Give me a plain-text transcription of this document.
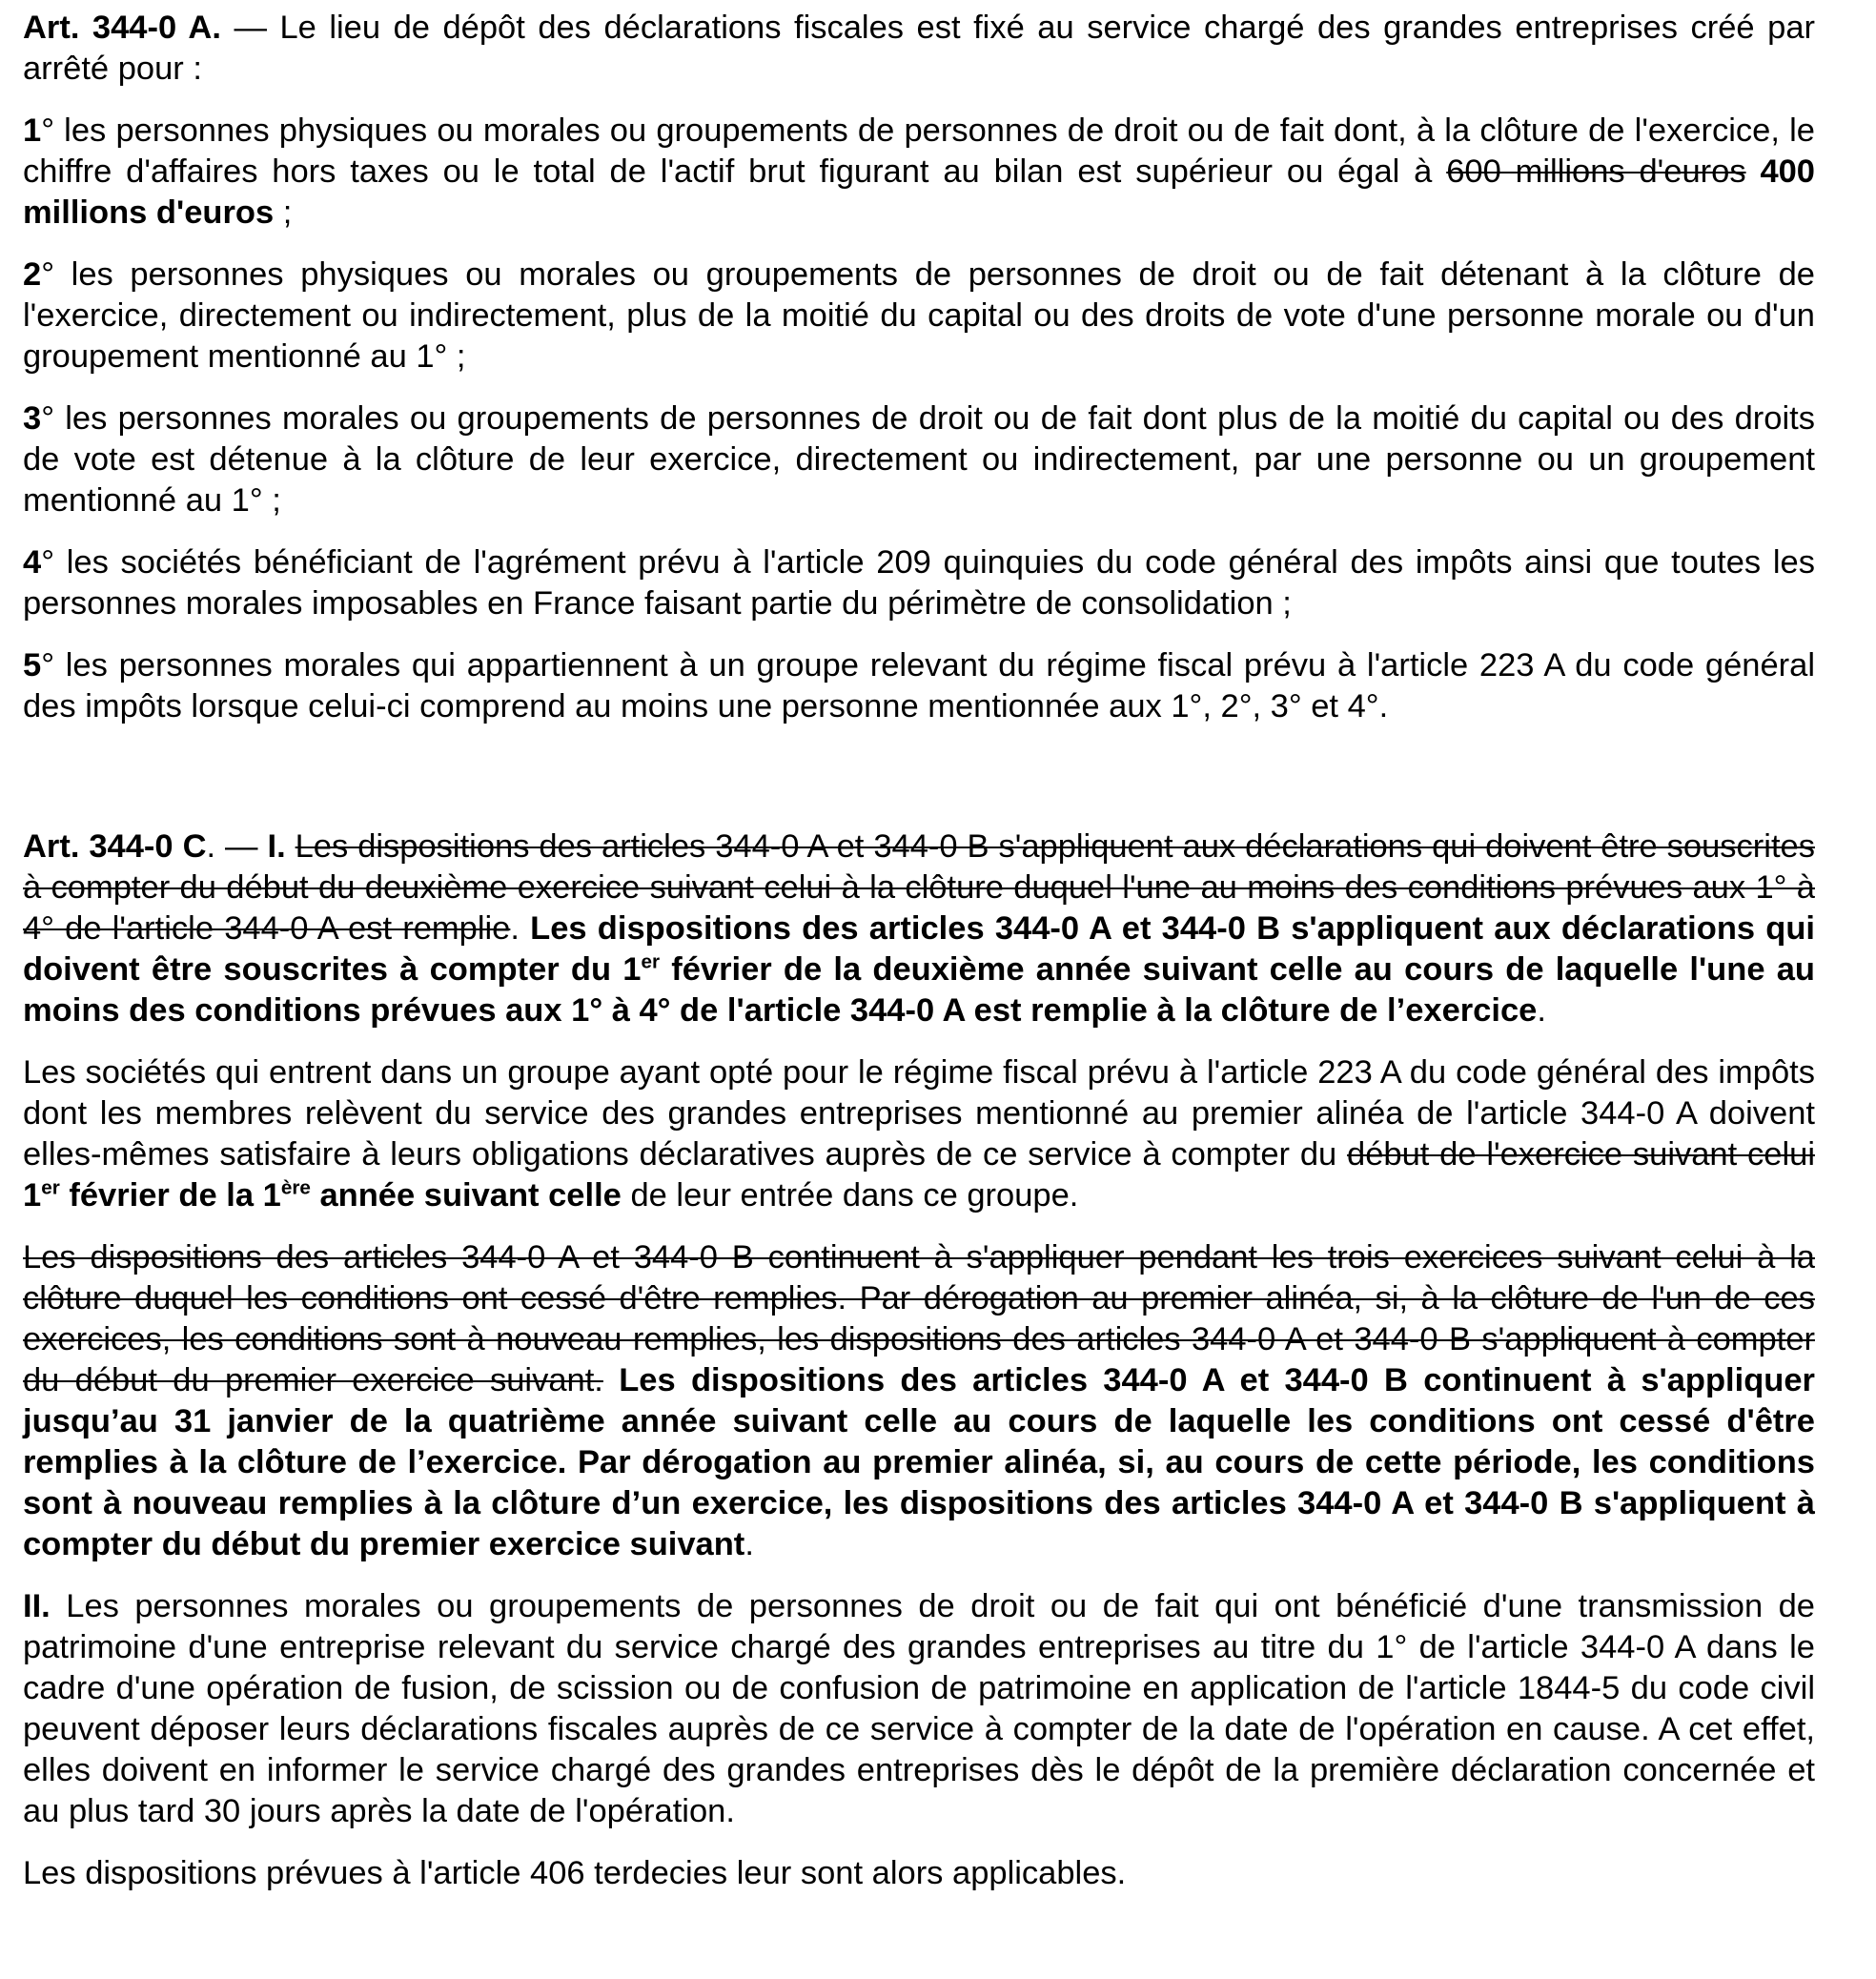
Art. 344-0 A. — Le lieu de dépôt des déclarations fiscales est fixé au service chargé des grandes entreprises créé par arrêté pour :

1° les personnes physiques ou morales ou groupements de personnes de droit ou de fait dont, à la clôture de l'exercice, le chiffre d'affaires hors taxes ou le total de l'actif brut figurant au bilan est supérieur ou égal à 600 millions d'euros 400 millions d'euros ;

2° les personnes physiques ou morales ou groupements de personnes de droit ou de fait détenant à la clôture de l'exercice, directement ou indirectement, plus de la moitié du capital ou des droits de vote d'une personne morale ou d'un groupement mentionné au 1° ;

3° les personnes morales ou groupements de personnes de droit ou de fait dont plus de la moitié du capital ou des droits de vote est détenue à la clôture de leur exercice, directement ou indirectement, par une personne ou un groupement mentionné au 1° ;

4° les sociétés bénéficiant de l'agrément prévu à l'article 209 quinquies du code général des impôts ainsi que toutes les personnes morales imposables en France faisant partie du périmètre de consolidation ;

5° les personnes morales qui appartiennent à un groupe relevant du régime fiscal prévu à l'article 223 A du code général des impôts lorsque celui-ci comprend au moins une personne mentionnée aux 1°, 2°, 3° et 4°.

Art. 344-0 C. — I. Les dispositions des articles 344-0 A et 344-0 B s'appliquent aux déclarations qui doivent être souscrites à compter du début du deuxième exercice suivant celui à la clôture duquel l'une au moins des conditions prévues aux 1° à 4° de l'article 344-0 A est remplie. Les dispositions des articles 344-0 A et 344-0 B s'appliquent aux déclarations qui doivent être souscrites à compter du 1er février de la deuxième année suivant celle au cours de laquelle l'une au moins des conditions prévues aux 1° à 4° de l'article 344-0 A est remplie à la clôture de l’exercice.

Les sociétés qui entrent dans un groupe ayant opté pour le régime fiscal prévu à l'article 223 A du code général des impôts dont les membres relèvent du service des grandes entreprises mentionné au premier alinéa de l'article 344-0 A doivent elles-mêmes satisfaire à leurs obligations déclaratives auprès de ce service à compter du début de l'exercice suivant celui 1er février de la 1ère année suivant celle de leur entrée dans ce groupe.

Les dispositions des articles 344-0 A et 344-0 B continuent à s'appliquer pendant les trois exercices suivant celui à la clôture duquel les conditions ont cessé d'être remplies. Par dérogation au premier alinéa, si, à la clôture de l'un de ces exercices, les conditions sont à nouveau remplies, les dispositions des articles 344-0 A et 344-0 B s'appliquent à compter du début du premier exercice suivant. Les dispositions des articles 344-0 A et 344-0 B continuent à s'appliquer jusqu’au 31 janvier de la quatrième année suivant celle au cours de laquelle les conditions ont cessé d'être remplies à la clôture de l’exercice. Par dérogation au premier alinéa, si, au cours de cette période, les conditions sont à nouveau remplies à la clôture d’un exercice, les dispositions des articles 344-0 A et 344-0 B s'appliquent à compter du début du premier exercice suivant.

II. Les personnes morales ou groupements de personnes de droit ou de fait qui ont bénéficié d'une transmission de patrimoine d'une entreprise relevant du service chargé des grandes entreprises au titre du 1° de l'article 344-0 A dans le cadre d'une opération de fusion, de scission ou de confusion de patrimoine en application de l'article 1844-5 du code civil peuvent déposer leurs déclarations fiscales auprès de ce service à compter de la date de l'opération en cause. A cet effet, elles doivent en informer le service chargé des grandes entreprises dès le dépôt de la première déclaration concernée et au plus tard 30 jours après la date de l'opération.

Les dispositions prévues à l'article 406 terdecies leur sont alors applicables.
